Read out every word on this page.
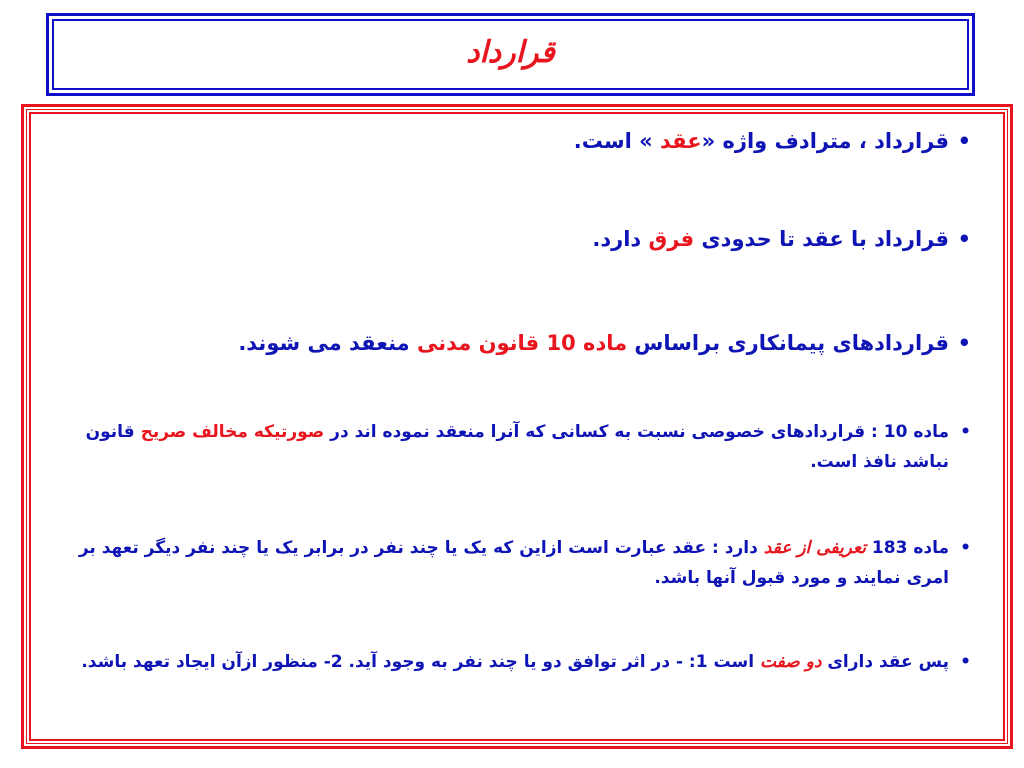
قرارداد
•
قرارداد ، مترادف واژه «عقد » است.
•
قرارداد با عقد تا حدودی فرق دارد.
•
قراردادهای پیمانکاری براساس ماده 10 قانون مدنی منعقد می شوند.
•
ماده 10 : قراردادهای خصوصی نسبت به کسانی که آنرا منعقد نموده اند در صورتیکه مخالف صریح قانون نباشد نافذ است.
•
ماده 183 تعریفی از عقد دارد : عقد عبارت است ازاین که یک یا چند نفر در برابر یک یا چند نفر دیگر تعهد بر امری نمایند و مورد قبول آنها باشد.
•
پس عقد دارای دو صفت است 1: - در اثر توافق دو یا چند نفر به وجود آید. 2- منظور ازآن ایجاد تعهد باشد.
